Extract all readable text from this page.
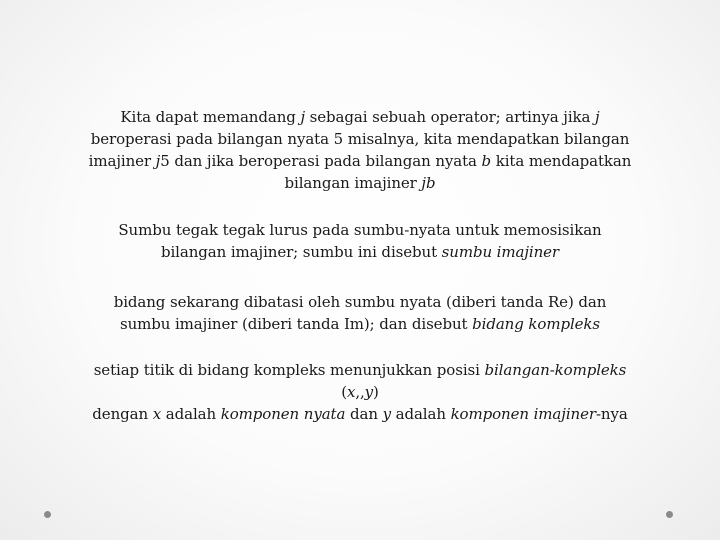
Kita dapat memandang j sebagai sebuah operator; artinya jika j
beroperasi pada bilangan nyata 5 misalnya, kita mendapatkan bilangan
imajiner j5 dan jika beroperasi pada bilangan nyata b kita mendapatkan
bilangan imajiner jb

Sumbu tegak tegak lurus pada sumbu-nyata untuk memosisikan
bilangan imajiner; sumbu ini disebut sumbu imajiner

bidang sekarang dibatasi oleh sumbu nyata (diberi tanda Re) dan
sumbu imajiner (diberi tanda Im); dan disebut bidang kompleks

setiap titik di bidang kompleks menunjukkan posisi bilangan-kompleks
(x,,y)
dengan x adalah komponen nyata dan y adalah komponen imajiner-nya
